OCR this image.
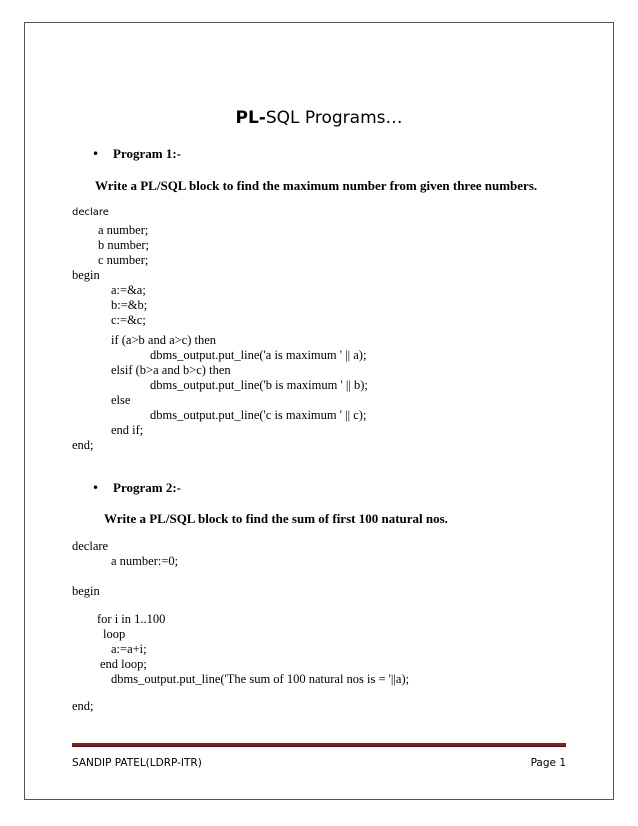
PL-SQL Programs…
• Program 1:-
Write a PL/SQL block to find the maximum number from given three numbers.
declare
a number;
b number;
c number;
begin
a:=&a;
b:=&b;
c:=&c;
if (a>b and a>c) then
dbms_output.put_line('a is maximum ' || a);
elsif (b>a and b>c) then
dbms_output.put_line('b is maximum ' || b);
else
dbms_output.put_line('c is maximum ' || c);
end if;
end;
• Program 2:-
Write a PL/SQL block to find the sum of first 100 natural nos.
declare
a number:=0;
begin
for i in 1..100
loop
a:=a+i;
end loop;
dbms_output.put_line('The sum of 100 natural nos is = '||a);
end;
SANDIP PATEL(LDRP-ITR)	Page 1
